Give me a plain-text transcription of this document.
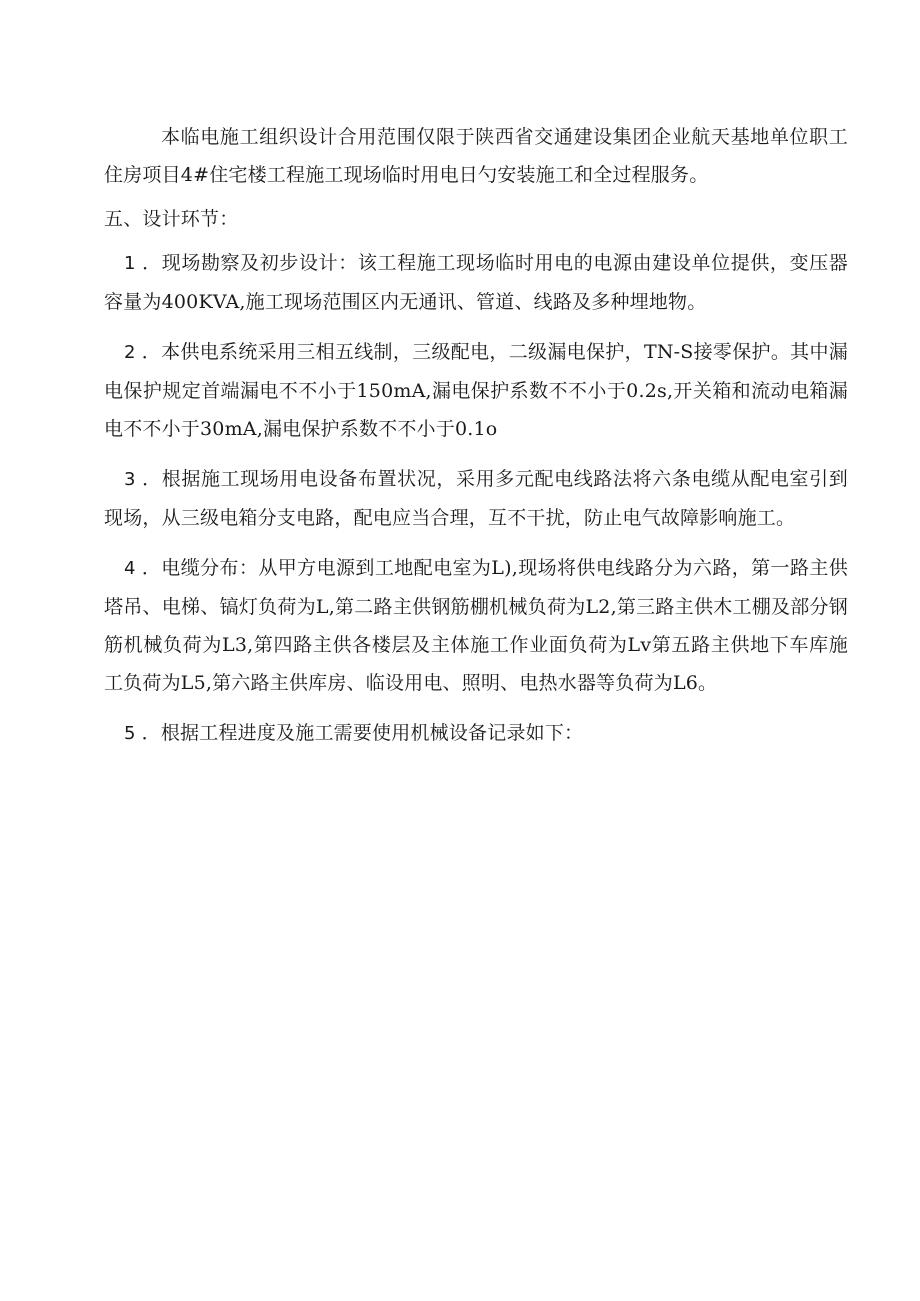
本临电施工组织设计合用范围仅限于陕西省交通建设集团企业航天基地单位职工住房项目4#住宅楼工程施工现场临时用电日勺安装施工和全过程服务。

五、设计环节：

1 ．现场勘察及初步设计：该工程施工现场临时用电的电源由建设单位提供，变压器容量为400KVA,施工现场范围区内无通讯、管道、线路及多种埋地物。

2 ．本供电系统采用三相五线制，三级配电，二级漏电保护，TN-S接零保护。其中漏电保护规定首端漏电不不小于150mA,漏电保护系数不不小于0.2s,开关箱和流动电箱漏电不不小于30mA,漏电保护系数不不小于0.1o

3 ．根据施工现场用电设备布置状况，采用多元配电线路法将六条电缆从配电室引到现场，从三级电箱分支电路，配电应当合理，互不干扰，防止电气故障影响施工。

4 ．电缆分布：从甲方电源到工地配电室为L),现场将供电线路分为六路，第一路主供塔吊、电梯、镐灯负荷为L,第二路主供钢筋棚机械负荷为L2,第三路主供木工棚及部分钢筋机械负荷为L3,第四路主供各楼层及主体施工作业面负荷为Lv第五路主供地下车库施工负荷为L5,第六路主供库房、临设用电、照明、电热水器等负荷为L6。

5 ．根据工程进度及施工需要使用机械设备记录如下：
